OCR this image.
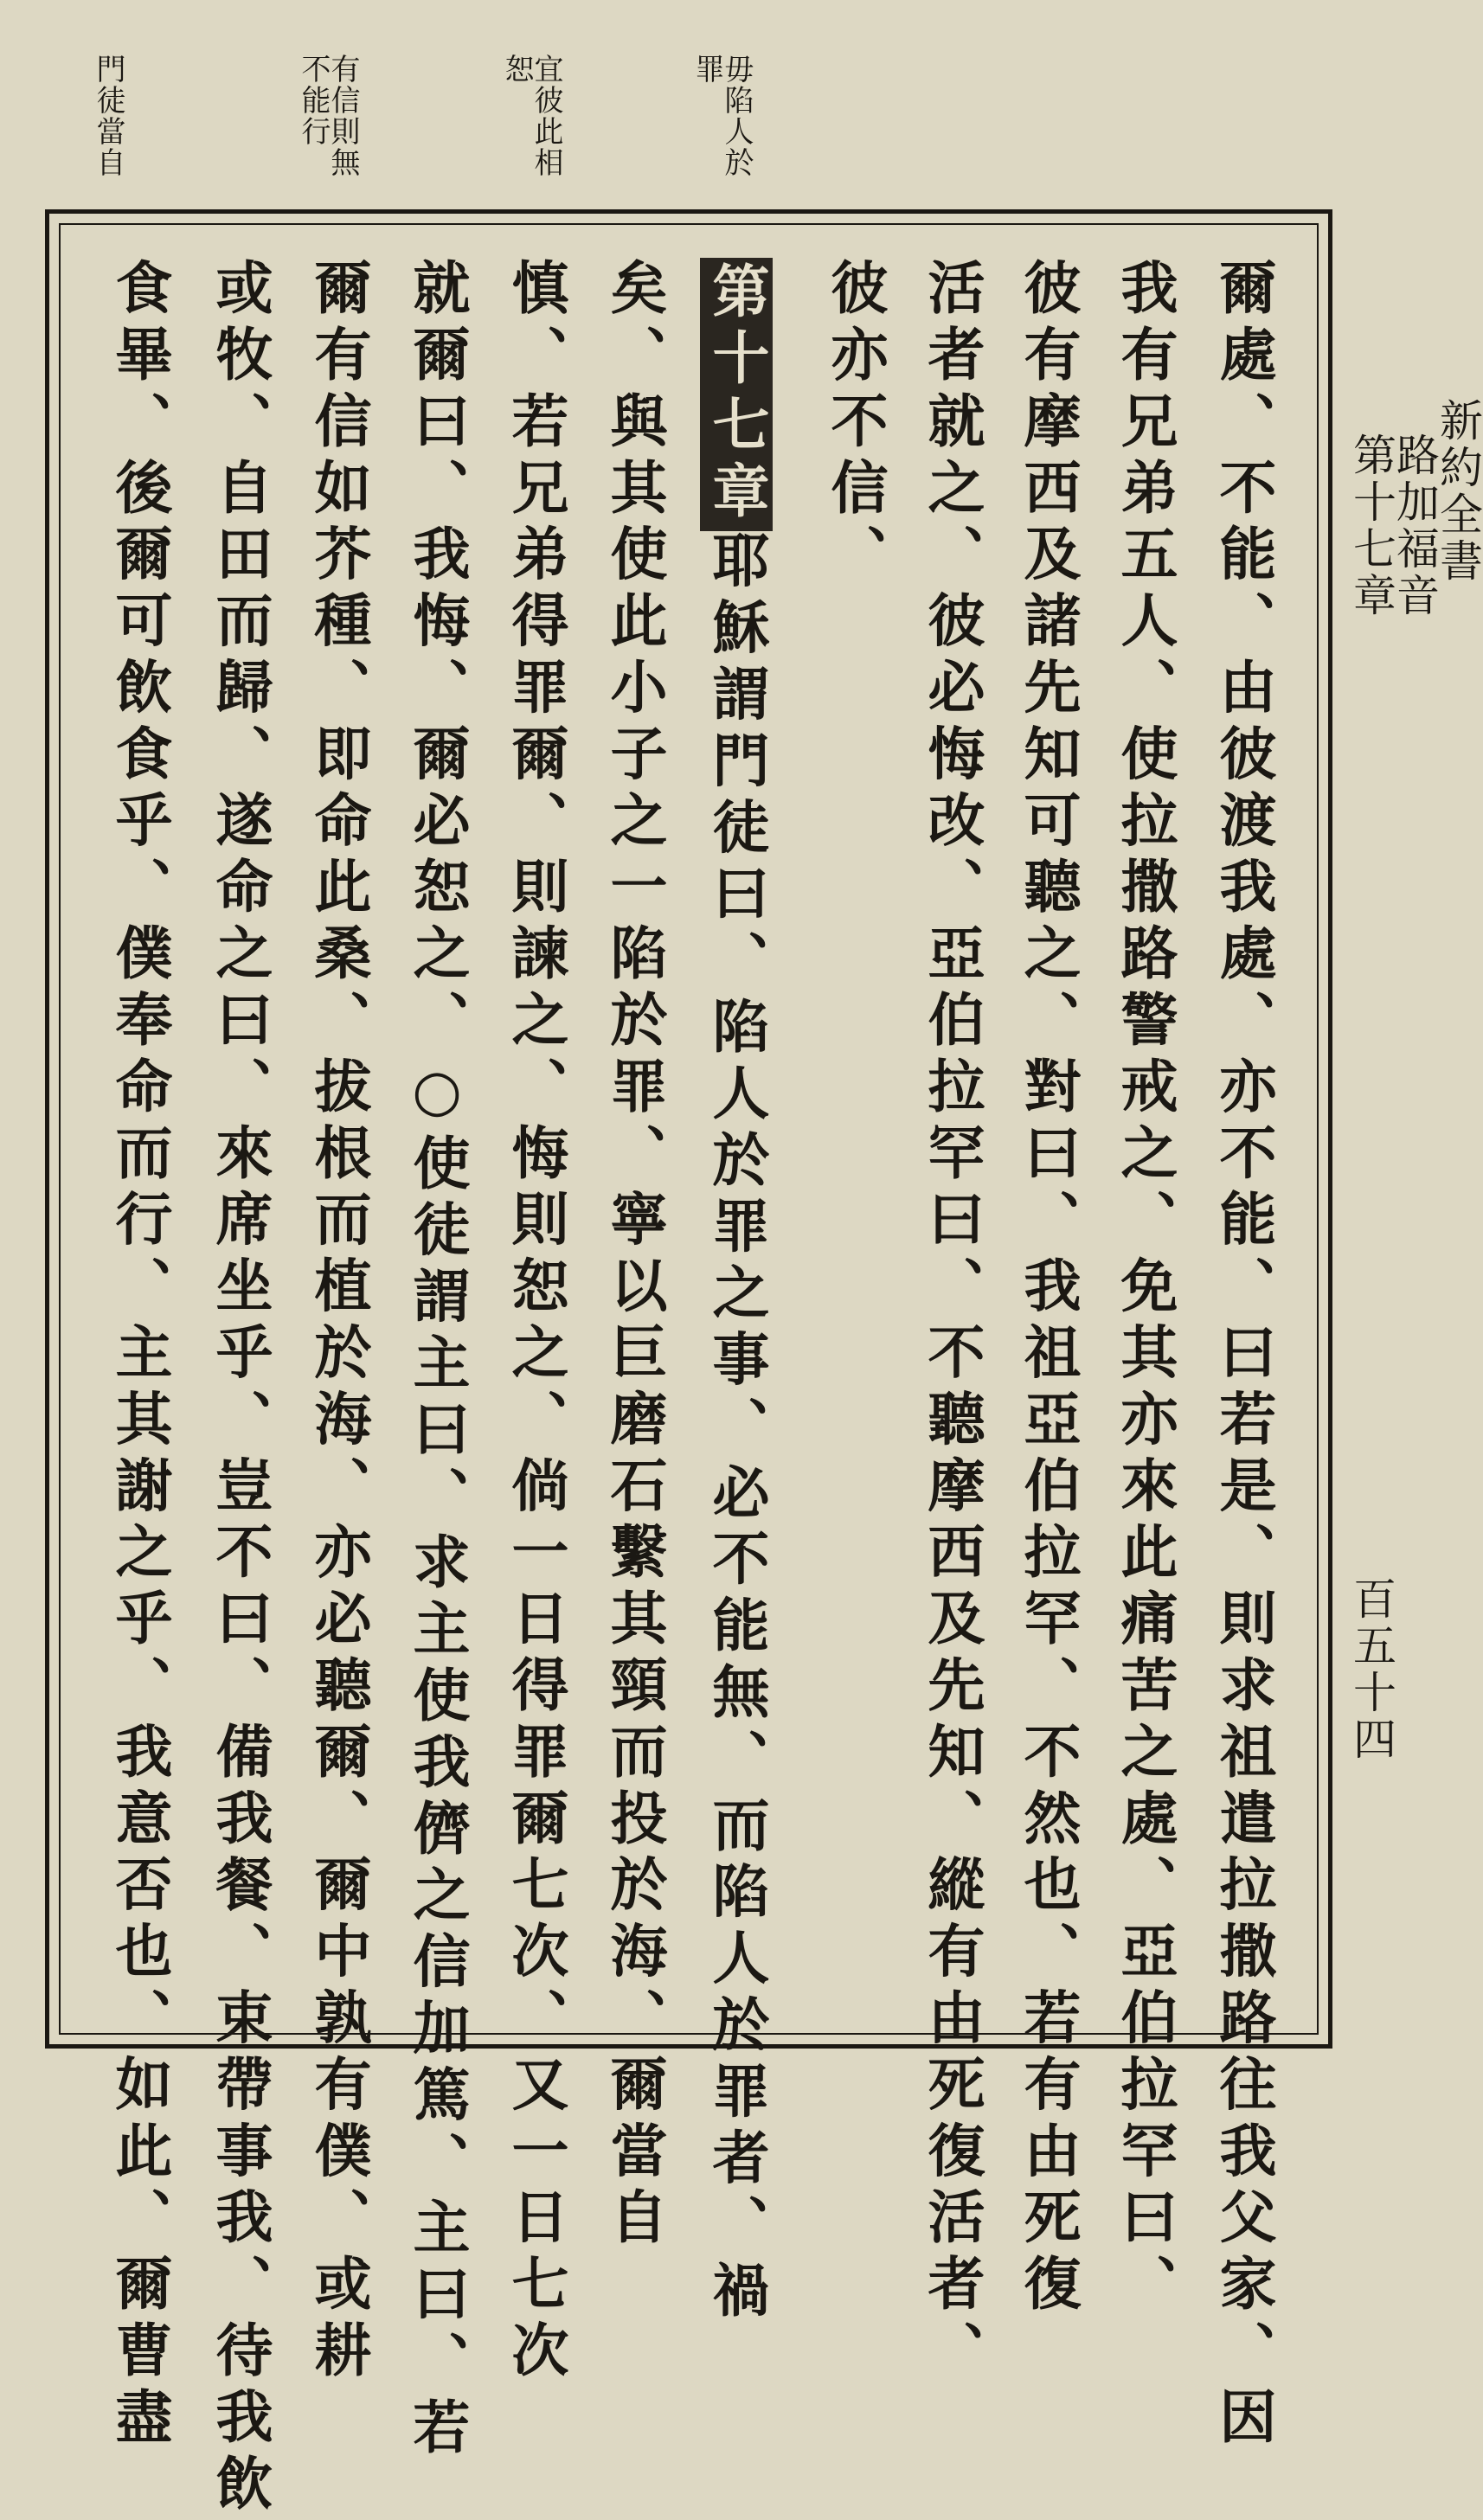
毋陷人於
罪
宜彼此相
恕
有信則無
不能行
門徒當自
新約全書
路加福音
第十七章
百五十四
爾處、不能、由彼渡我處、亦不能、曰若是、則求祖遣拉撒路往我父家、因
我有兄弟五人、使拉撒路警戒之、免其亦來此痛苦之處、亞伯拉罕曰、
彼有摩西及諸先知可聽之、對曰、我祖亞伯拉罕、不然也、若有由死復
活者就之、彼必悔改、亞伯拉罕曰、不聽摩西及先知、縱有由死復活者、
彼亦不信、
第十七章耶穌謂門徒曰、陷人於罪之事、必不能無、而陷人於罪者、禍
矣、與其使此小子之一陷於罪、寧以巨磨石繫其頸而投於海、爾當自
慎、若兄弟得罪爾、則諫之、悔則恕之、倘一日得罪爾七次、又一日七次
就爾曰、我悔、爾必恕之、○使徒謂主曰、求主使我儕之信加篤、主曰、若
爾有信如芥種、即命此桑、拔根而植於海、亦必聽爾、爾中孰有僕、或耕
或牧、自田而歸、遂命之曰、來席坐乎、豈不曰、備我餐、束帶事我、待我飲
食畢、後爾可飲食乎、僕奉命而行、主其謝之乎、我意否也、如此、爾曹盡
